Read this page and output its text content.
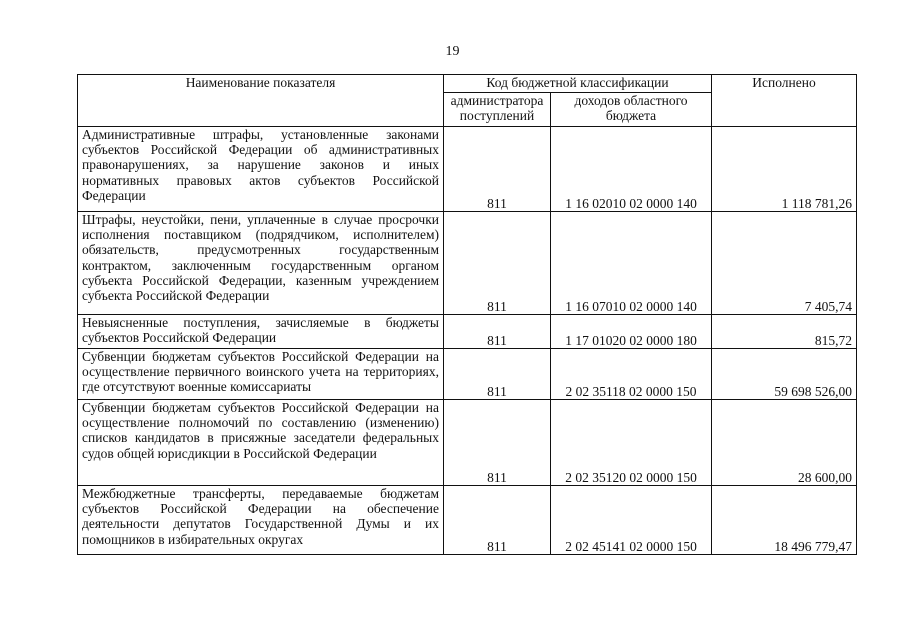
19
Наименование показателя	Код бюджетной классификации		Исполнено
	администратора поступлений	доходов областного бюджета	
Административные штрафы, установленные законами субъектов Российской Федерации об административных правонарушениях, за нарушение законов и иных нормативных правовых актов субъектов Российской Федерации	811	1 16 02010 02 0000 140	1 118 781,26
Штрафы, неустойки, пени, уплаченные в случае просрочки исполнения поставщиком (подрядчиком, исполнителем) обязательств, предусмотренных государственным контрактом, заключенным государственным органом субъекта Российской Федерации, казенным учреждением субъекта Российской Федерации	811	1 16 07010 02 0000 140	7 405,74
Невыясненные поступления, зачисляемые в бюджеты субъектов Российской Федерации	811	1 17 01020 02 0000 180	815,72
Субвенции бюджетам субъектов Российской Федерации на осуществление первичного воинского учета на территориях, где отсутствуют военные комиссариаты	811	2 02 35118 02 0000 150	59 698 526,00
Субвенции бюджетам субъектов Российской Федерации на осуществление полномочий по составлению (изменению) списков кандидатов в присяжные заседатели федеральных судов общей юрисдикции в Российской Федерации	811	2 02 35120 02 0000 150	28 600,00
Межбюджетные трансферты, передаваемые бюджетам субъектов Российской Федерации на обеспечение деятельности депутатов Государственной Думы и их помощников в избирательных округах	811	2 02 45141 02 0000 150	18 496 779,47
